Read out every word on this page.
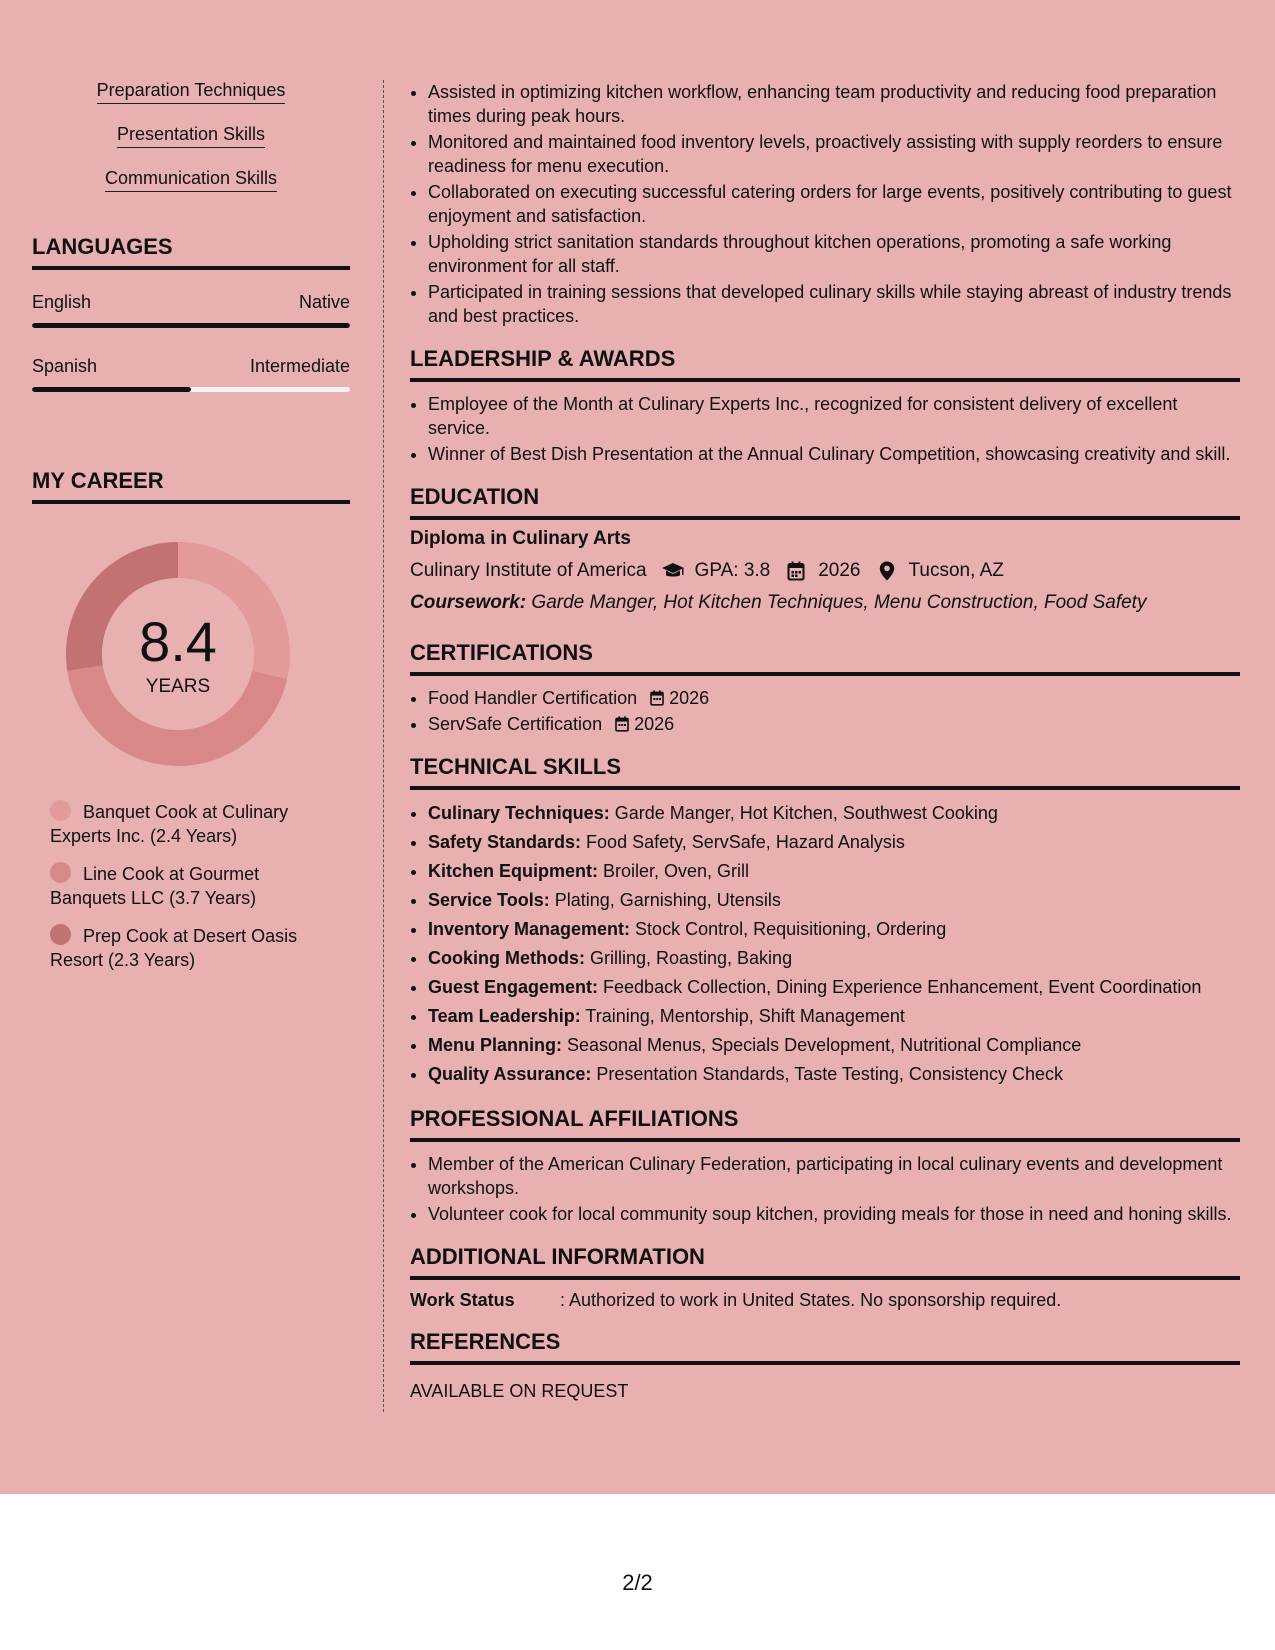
Preparation Techniques
Presentation Skills
Communication Skills
LANGUAGES
English	Native
Spanish	Intermediate
MY CAREER
8.4
YEARS
Banquet Cook at Culinary Experts Inc. (2.4 Years)
Line Cook at Gourmet Banquets LLC (3.7 Years)
Prep Cook at Desert Oasis Resort (2.3 Years)
• Assisted in optimizing kitchen workflow, enhancing team productivity and reducing food preparation times during peak hours.
• Monitored and maintained food inventory levels, proactively assisting with supply reorders to ensure readiness for menu execution.
• Collaborated on executing successful catering orders for large events, positively contributing to guest enjoyment and satisfaction.
• Upholding strict sanitation standards throughout kitchen operations, promoting a safe working environment for all staff.
• Participated in training sessions that developed culinary skills while staying abreast of industry trends and best practices.
LEADERSHIP & AWARDS
• Employee of the Month at Culinary Experts Inc., recognized for consistent delivery of excellent service.
• Winner of Best Dish Presentation at the Annual Culinary Competition, showcasing creativity and skill.
EDUCATION
Diploma in Culinary Arts
Culinary Institute of America	GPA: 3.8	2026	Tucson, AZ
Coursework: Garde Manger, Hot Kitchen Techniques, Menu Construction, Food Safety
CERTIFICATIONS
• Food Handler Certification 2026
• ServSafe Certification 2026
TECHNICAL SKILLS
• Culinary Techniques: Garde Manger, Hot Kitchen, Southwest Cooking
• Safety Standards: Food Safety, ServSafe, Hazard Analysis
• Kitchen Equipment: Broiler, Oven, Grill
• Service Tools: Plating, Garnishing, Utensils
• Inventory Management: Stock Control, Requisitioning, Ordering
• Cooking Methods: Grilling, Roasting, Baking
• Guest Engagement: Feedback Collection, Dining Experience Enhancement, Event Coordination
• Team Leadership: Training, Mentorship, Shift Management
• Menu Planning: Seasonal Menus, Specials Development, Nutritional Compliance
• Quality Assurance: Presentation Standards, Taste Testing, Consistency Check
PROFESSIONAL AFFILIATIONS
• Member of the American Culinary Federation, participating in local culinary events and development workshops.
• Volunteer cook for local community soup kitchen, providing meals for those in need and honing skills.
ADDITIONAL INFORMATION
Work Status	: Authorized to work in United States. No sponsorship required.
REFERENCES
AVAILABLE ON REQUEST
2/2
